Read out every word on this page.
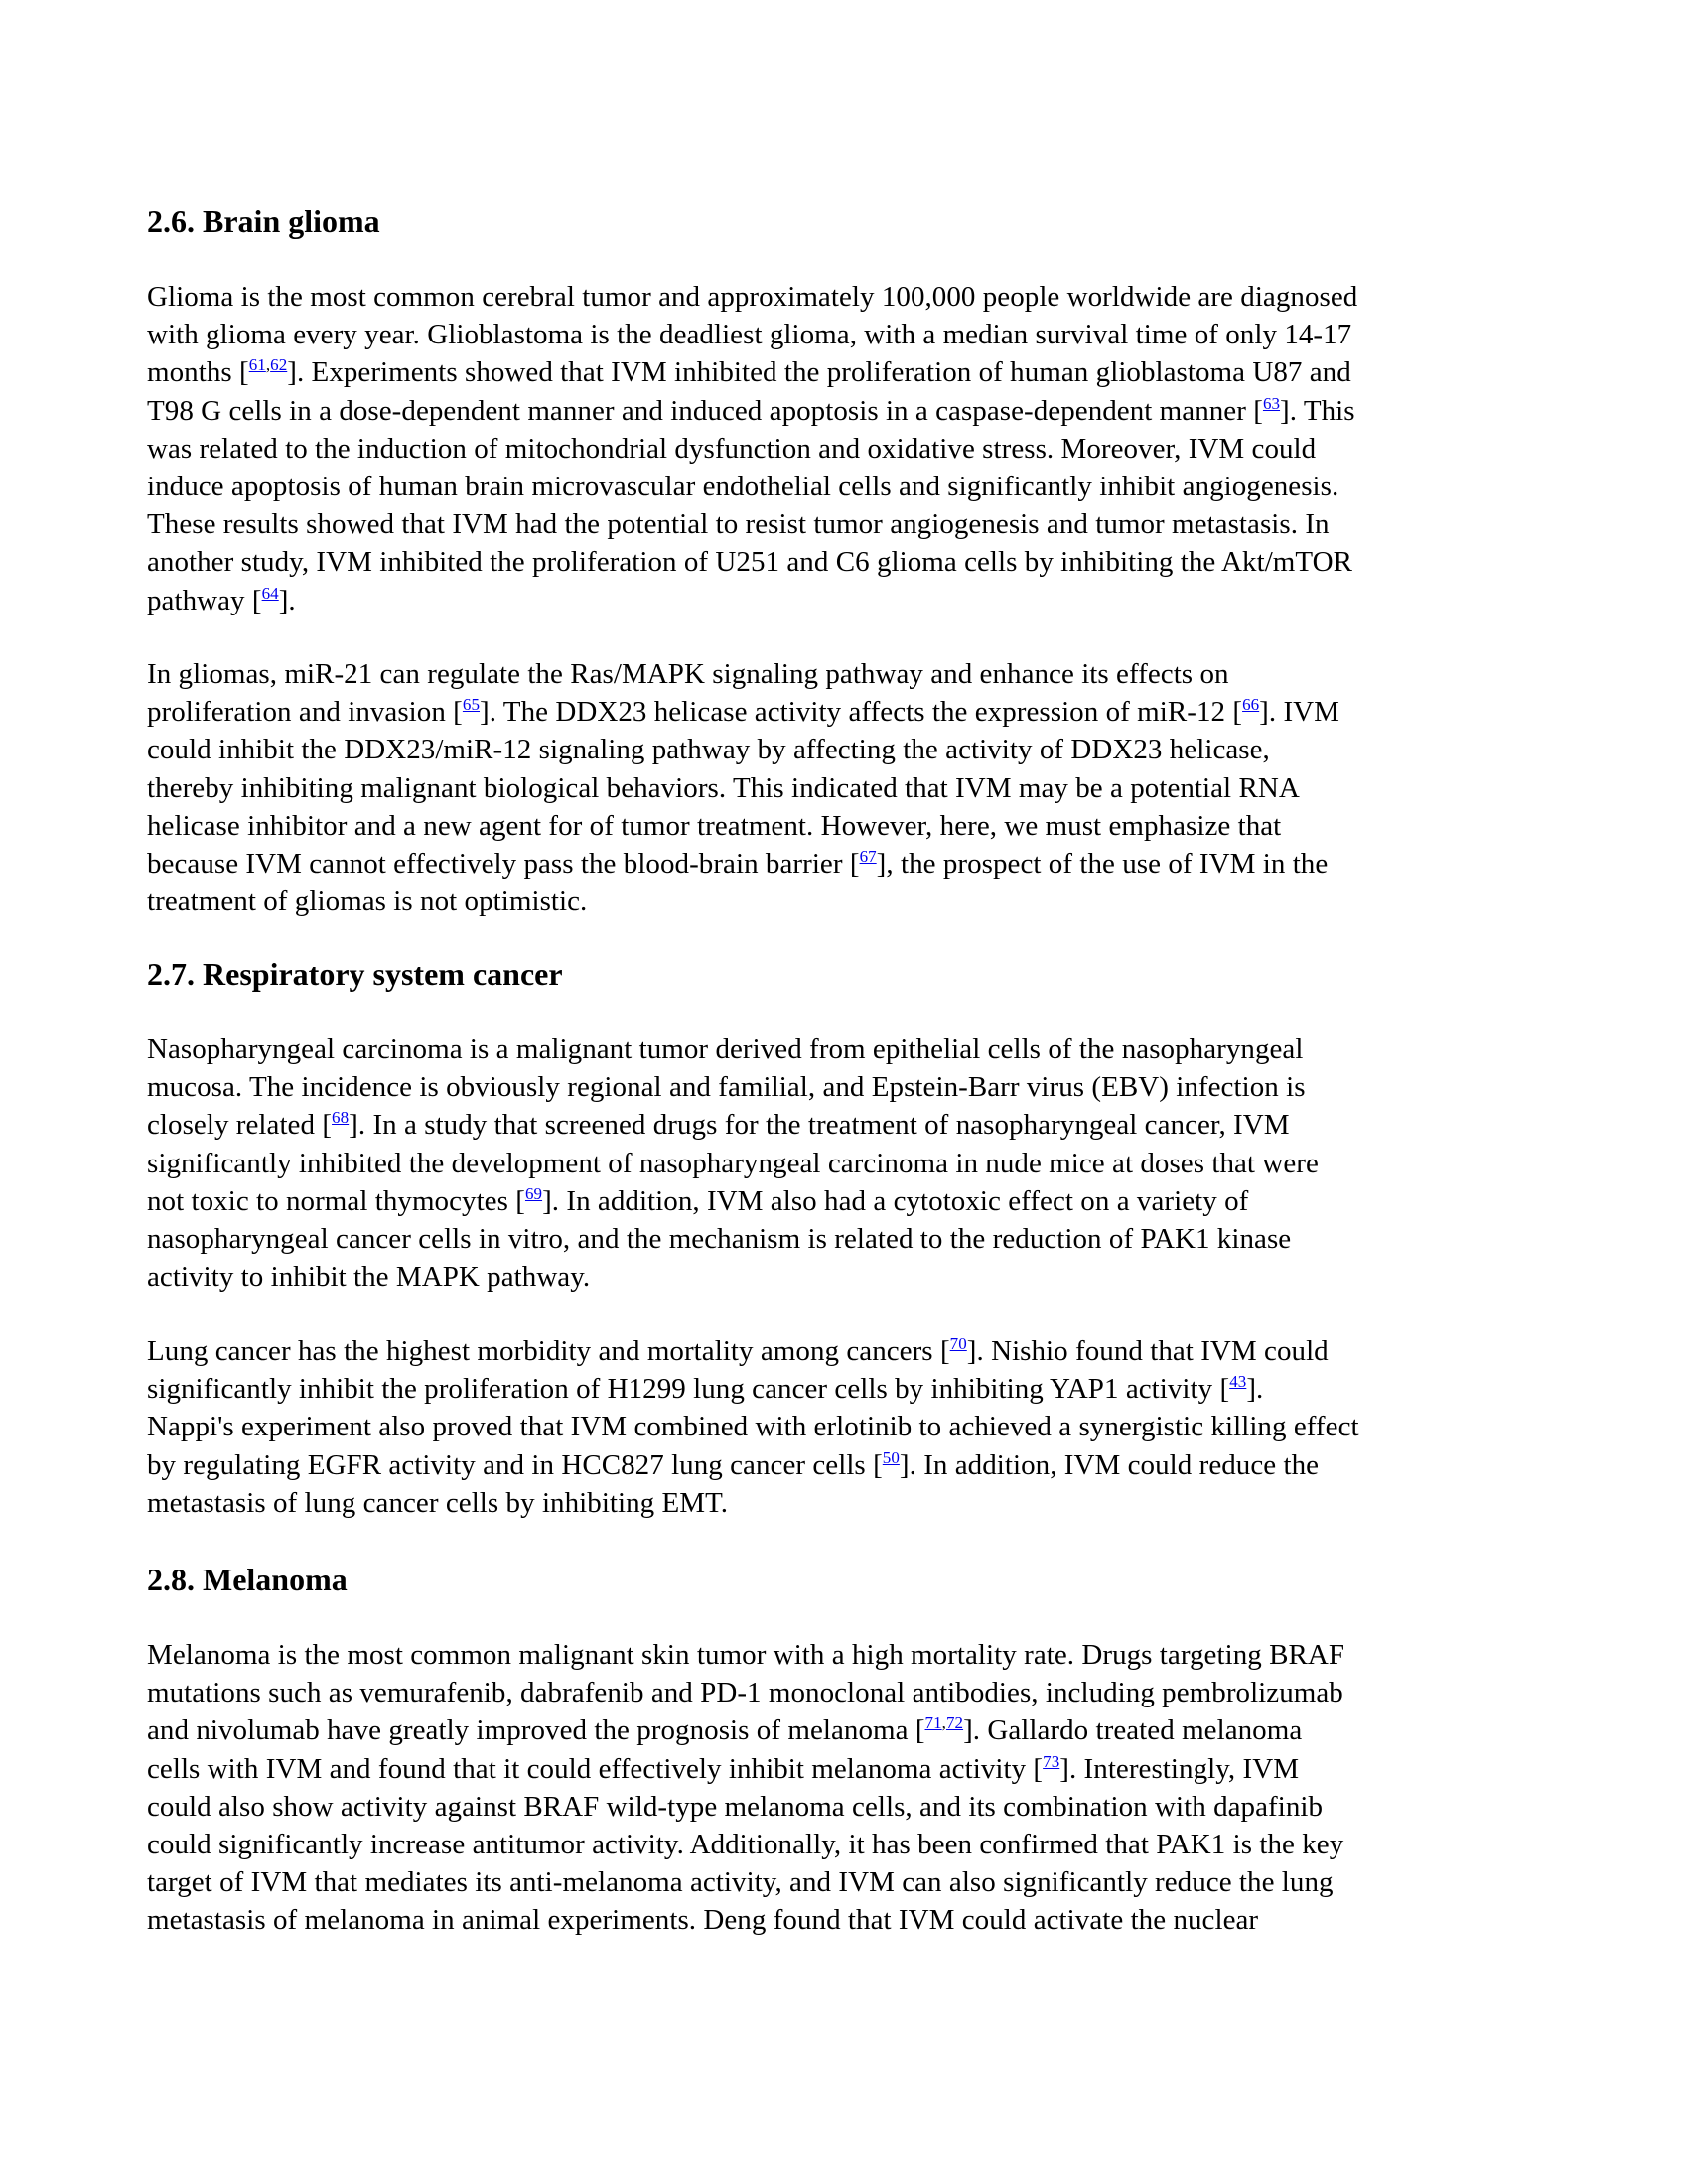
2.6. Brain glioma
Glioma is the most common cerebral tumor and approximately 100,000 people worldwide are diagnosed
with glioma every year. Glioblastoma is the deadliest glioma, with a median survival time of only 14-17
months [$^{61,62}$]. Experiments showed that IVM inhibited the proliferation of human glioblastoma U87 and
T98 G cells in a dose-dependent manner and induced apoptosis in a caspase-dependent manner [$^{63}$]. This
was related to the induction of mitochondrial dysfunction and oxidative stress. Moreover, IVM could
induce apoptosis of human brain microvascular endothelial cells and significantly inhibit angiogenesis.
These results showed that IVM had the potential to resist tumor angiogenesis and tumor metastasis. In
another study, IVM inhibited the proliferation of U251 and C6 glioma cells by inhibiting the Akt/mTOR
pathway [$^{64}$].
In gliomas, miR-21 can regulate the Ras/MAPK signaling pathway and enhance its effects on
proliferation and invasion [$^{65}$]. The DDX23 helicase activity affects the expression of miR-12 [$^{66}$]. IVM
could inhibit the DDX23/miR-12 signaling pathway by affecting the activity of DDX23 helicase,
thereby inhibiting malignant biological behaviors. This indicated that IVM may be a potential RNA
helicase inhibitor and a new agent for of tumor treatment. However, here, we must emphasize that
because IVM cannot effectively pass the blood-brain barrier [$^{67}$], the prospect of the use of IVM in the
treatment of gliomas is not optimistic.
2.7. Respiratory system cancer
Nasopharyngeal carcinoma is a malignant tumor derived from epithelial cells of the nasopharyngeal
mucosa. The incidence is obviously regional and familial, and Epstein-Barr virus (EBV) infection is
closely related [$^{68}$]. In a study that screened drugs for the treatment of nasopharyngeal cancer, IVM
significantly inhibited the development of nasopharyngeal carcinoma in nude mice at doses that were
not toxic to normal thymocytes [$^{69}$]. In addition, IVM also had a cytotoxic effect on a variety of
nasopharyngeal cancer cells in vitro, and the mechanism is related to the reduction of PAK1 kinase
activity to inhibit the MAPK pathway.
Lung cancer has the highest morbidity and mortality among cancers [$^{70}$]. Nishio found that IVM could
significantly inhibit the proliferation of H1299 lung cancer cells by inhibiting YAP1 activity [$^{43}$].
Nappi's experiment also proved that IVM combined with erlotinib to achieved a synergistic killing effect
by regulating EGFR activity and in HCC827 lung cancer cells [$^{50}$]. In addition, IVM could reduce the
metastasis of lung cancer cells by inhibiting EMT.
2.8. Melanoma
Melanoma is the most common malignant skin tumor with a high mortality rate. Drugs targeting BRAF
mutations such as vemurafenib, dabrafenib and PD-1 monoclonal antibodies, including pembrolizumab
and nivolumab have greatly improved the prognosis of melanoma [$^{71,72}$]. Gallardo treated melanoma
cells with IVM and found that it could effectively inhibit melanoma activity [$^{73}$]. Interestingly, IVM
could also show activity against BRAF wild-type melanoma cells, and its combination with dapafinib
could significantly increase antitumor activity. Additionally, it has been confirmed that PAK1 is the key
target of IVM that mediates its anti-melanoma activity, and IVM can also significantly reduce the lung
metastasis of melanoma in animal experiments. Deng found that IVM could activate the nuclear
